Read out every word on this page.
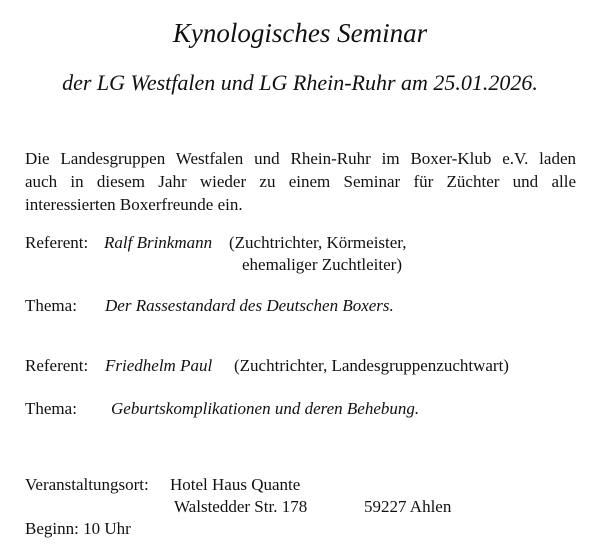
Kynologisches Seminar
der LG Westfalen und LG Rhein-Ruhr am 25.01.2026.
Die Landesgruppen Westfalen und Rhein-Ruhr im Boxer-Klub e.V. laden
auch in diesem Jahr wieder zu einem Seminar für Züchter und alle
interessierten Boxerfreunde ein.
Referent: Ralf Brinkmann (Zuchtrichter, Körmeister,
ehemaliger Zuchtleiter)
Thema: Der Rassestandard des Deutschen Boxers.
Referent: Friedhelm Paul (Zuchtrichter, Landesgruppenzuchtwart)
Thema: Geburtskomplikationen und deren Behebung.
Veranstaltungsort: Hotel Haus Quante
Walstedder Str. 178	59227 Ahlen
Beginn: 10 Uhr
